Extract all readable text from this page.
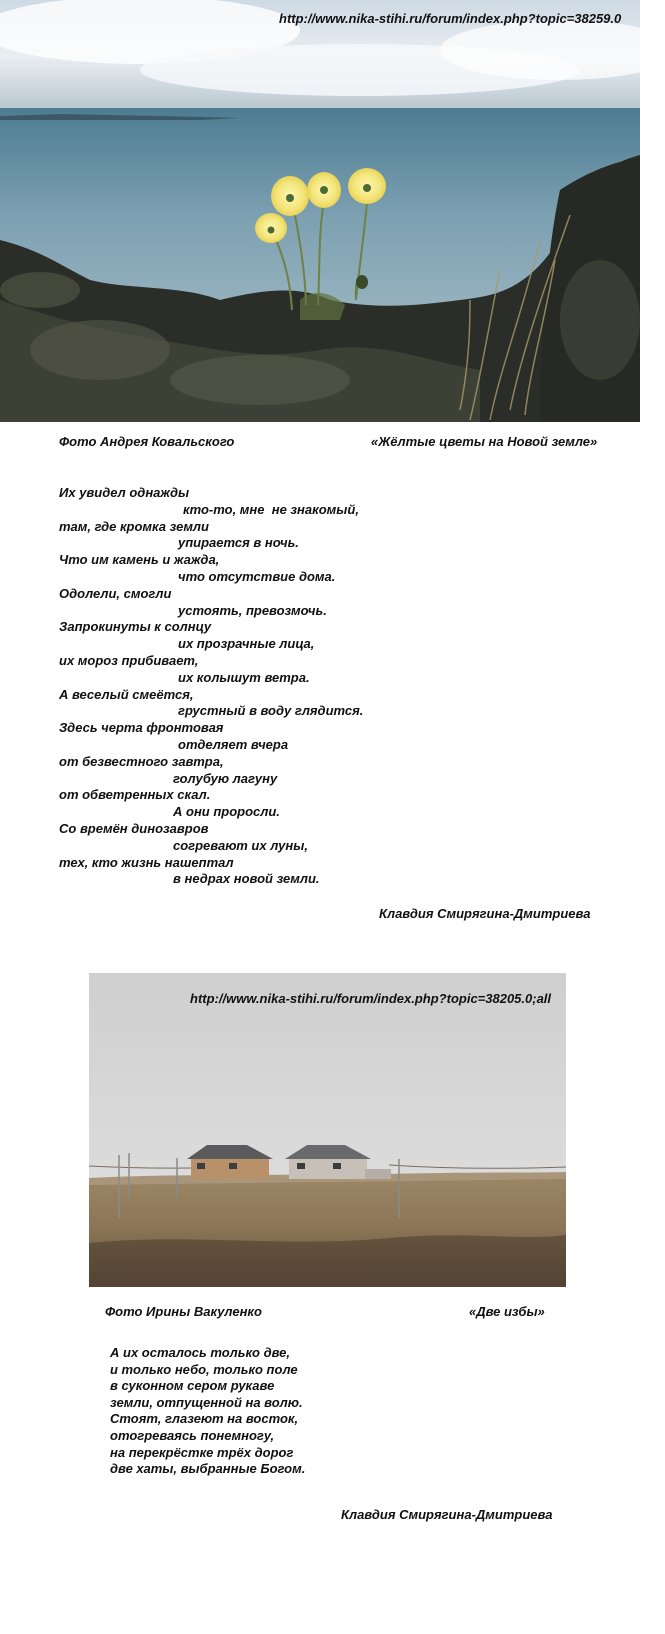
http://www.nika-stihi.ru/forum/index.php?topic=38259.0
Фото Андрея Ковальского	«Жёлтые цветы на Новой земле»
Их увидел однажды
кто-то, мне  не знакомый,
там, где кромка земли
упирается в ночь.
Что им камень и жажда,
что отсутствие дома.
Одолели, смогли
устоять, превозмочь.
Запрокинуты к солнцу
их прозрачные лица,
их мороз прибивает,
их колышут ветра.
А веселый смеётся,
грустный в воду глядится.
Здесь черта фронтовая
отделяет вчера
от безвестного завтра,
голубую лагуну
от обветренных скал.
А они проросли.
Со времён динозавров
согревают их луны,
тех, кто жизнь нашептал
в недрах новой земли.
Клавдия Смирягина-Дмитриева
http://www.nika-stihi.ru/forum/index.php?topic=38205.0;all
Фото Ирины Вакуленко	«Две избы»
А их осталось только две,
и только небо, только поле
в суконном сером рукаве
земли, отпущенной на волю.
Стоят, глазеют на восток,
отогреваясь понемногу,
на перекрёстке трёх дорог
две хаты, выбранные Богом.
Клавдия Смирягина-Дмитриева
